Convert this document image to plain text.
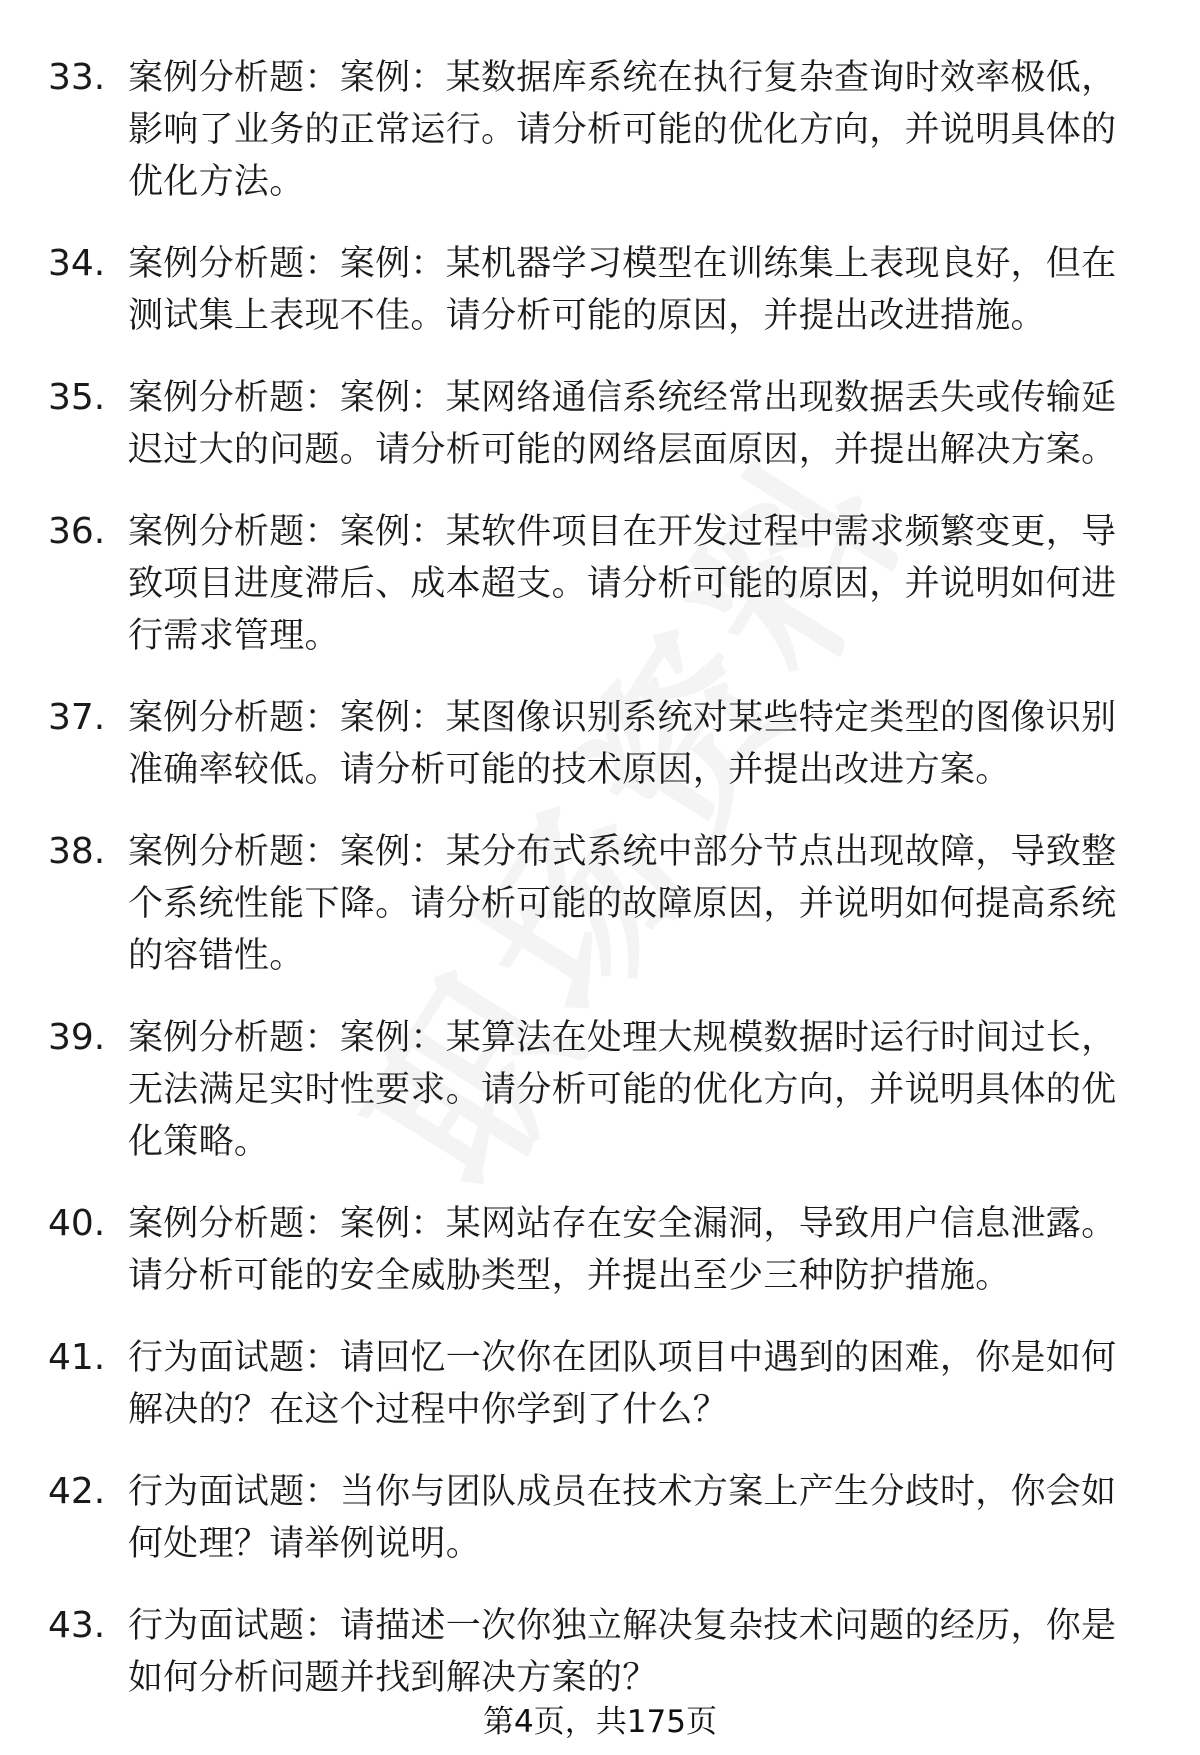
33. 案例分析题：案例：某数据库系统在执行复杂查询时效率极低，影响了业务的正常运行。请分析可能的优化方向，并说明具体的优化方法。
34. 案例分析题：案例：某机器学习模型在训练集上表现良好，但在测试集上表现不佳。请分析可能的原因，并提出改进措施。
35. 案例分析题：案例：某网络通信系统经常出现数据丢失或传输延迟过大的问题。请分析可能的网络层面原因，并提出解决方案。
36. 案例分析题：案例：某软件项目在开发过程中需求频繁变更，导致项目进度滞后、成本超支。请分析可能的原因，并说明如何进行需求管理。
37. 案例分析题：案例：某图像识别系统对某些特定类型的图像识别准确率较低。请分析可能的技术原因，并提出改进方案。
38. 案例分析题：案例：某分布式系统中部分节点出现故障，导致整个系统性能下降。请分析可能的故障原因，并说明如何提高系统的容错性。
39. 案例分析题：案例：某算法在处理大规模数据时运行时间过长，无法满足实时性要求。请分析可能的优化方向，并说明具体的优化策略。
40. 案例分析题：案例：某网站存在安全漏洞，导致用户信息泄露。请分析可能的安全威胁类型，并提出至少三种防护措施。
41. 行为面试题：请回忆一次你在团队项目中遇到的困难，你是如何解决的？在这个过程中你学到了什么？
42. 行为面试题：当你与团队成员在技术方案上产生分歧时，你会如何处理？请举例说明。
43. 行为面试题：请描述一次你独立解决复杂技术问题的经历，你是如何分析问题并找到解决方案的？
第4页，共175页
